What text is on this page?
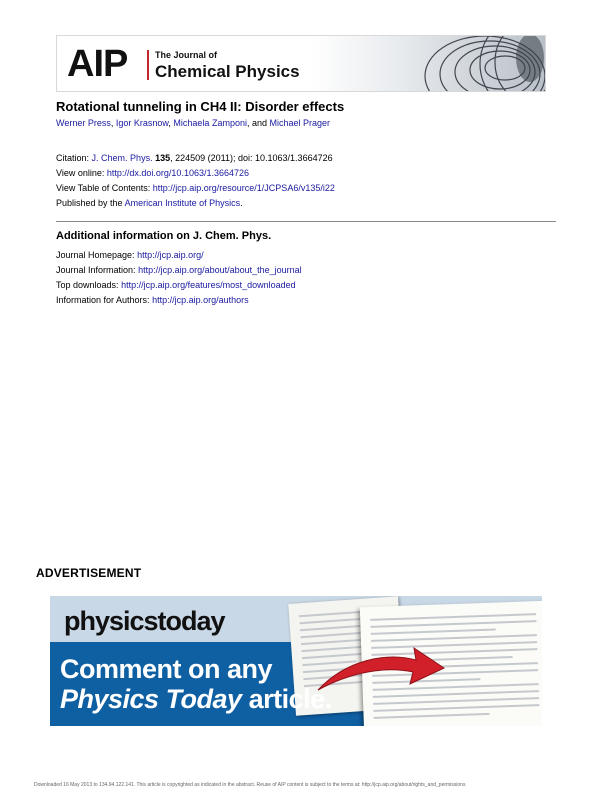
AIP	The Journal of
Chemical Physics
Rotational tunneling in CH4 II: Disorder effects
Werner Press, Igor Krasnow, Michaela Zamponi, and Michael Prager
Citation: J. Chem. Phys. 135, 224509 (2011); doi: 10.1063/1.3664726
View online: http://dx.doi.org/10.1063/1.3664726
View Table of Contents: http://jcp.aip.org/resource/1/JCPSA6/v135/i22
Published by the American Institute of Physics.
Additional information on J. Chem. Phys.
Journal Homepage: http://jcp.aip.org/
Journal Information: http://jcp.aip.org/about/about_the_journal
Top downloads: http://jcp.aip.org/features/most_downloaded
Information for Authors: http://jcp.aip.org/authors
ADVERTISEMENT
physicstoday
Comment on any
Physics Today article.
Downloaded 16 May 2013 to 134.94.122.141. This article is copyrighted as indicated in the abstract. Reuse of AIP content is subject to the terms at: http://jcp.aip.org/about/rights_and_permissions
